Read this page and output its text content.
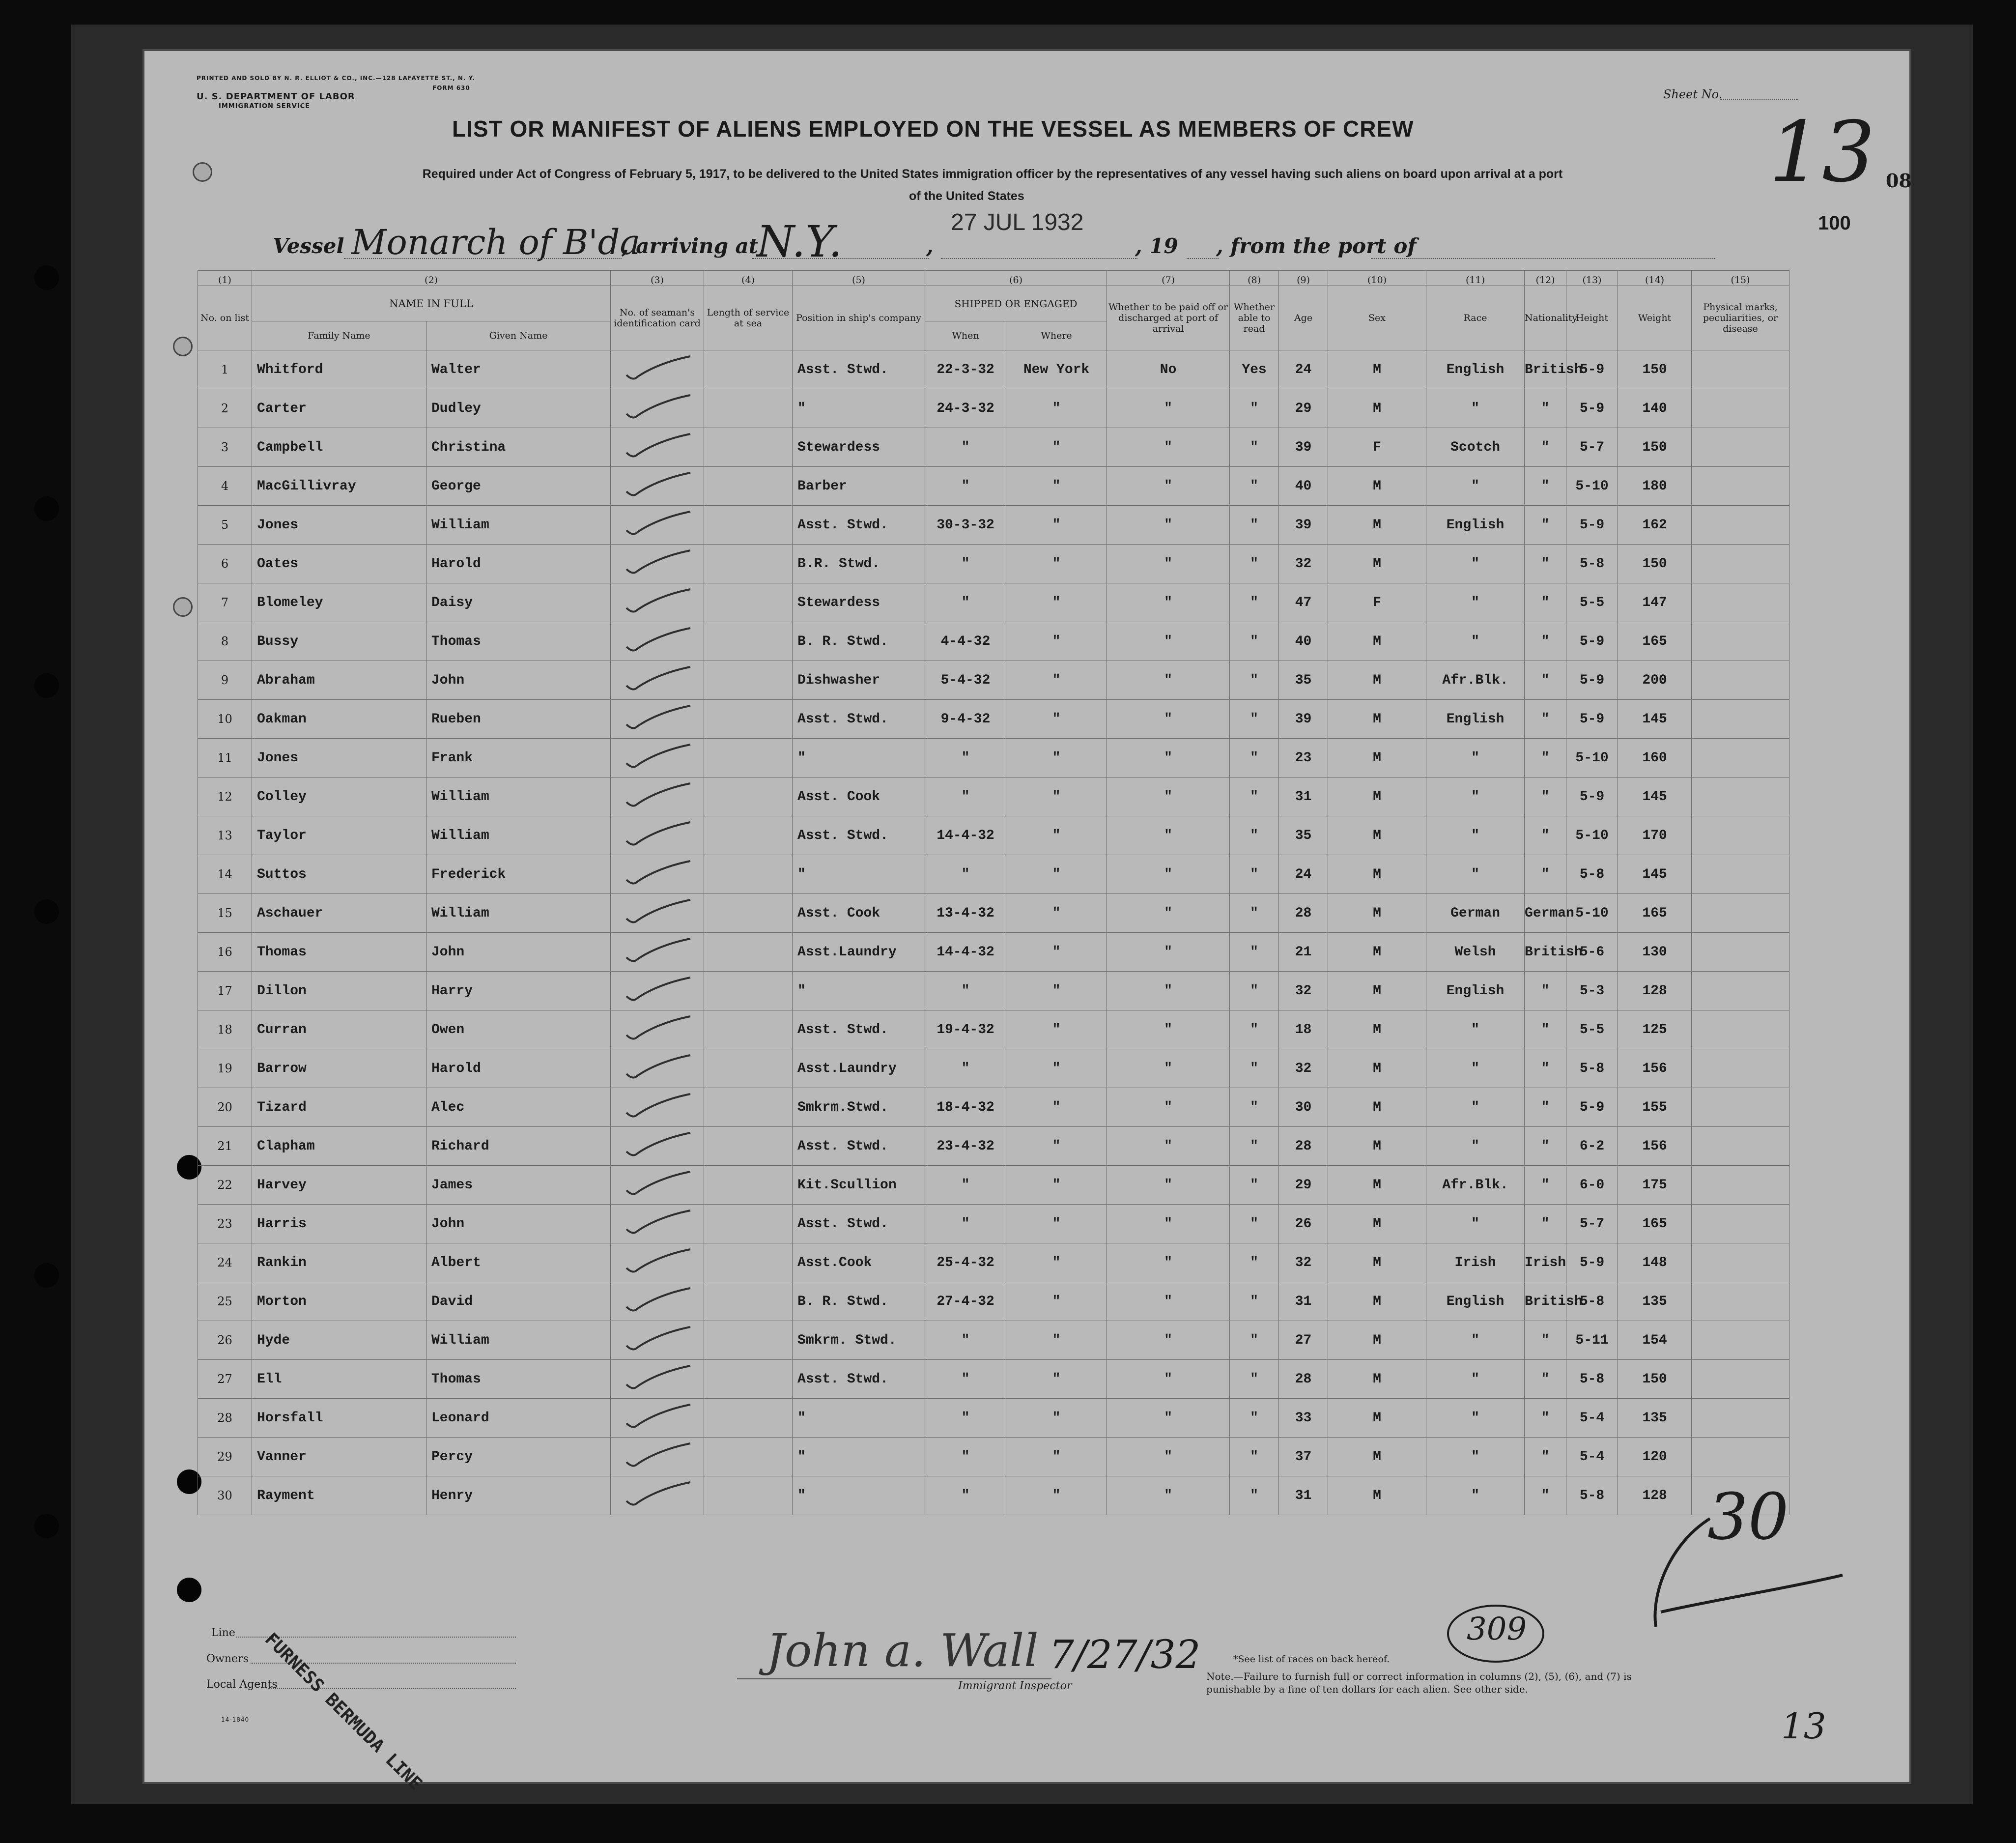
PRINTED AND SOLD BY N. R. ELLIOT & CO., INC.—128 LAFAYETTE ST., N. Y.
FORM 630
U. S. DEPARTMENT OF LABOR
IMMIGRATION SERVICE
Sheet No.
13 08
100
LIST OR MANIFEST OF ALIENS EMPLOYED ON THE VESSEL AS MEMBERS OF CREW
Required under Act of Congress of February 5, 1917, to be delivered to the United States immigration officer by the representatives of any vessel having such aliens on board upon arrival at a port
of the United States
Vessel Monarch of B'da
, arriving at,
N.Y.	,
27 JUL 1932
, 19 , from the port of
(1)	(2)		(3)	(4)	(5)	(6)		(7)	(8)	(9)	(10)	(11)	(12)	(13)	(14)	(15)
No. on list	NAME IN FULL		No. of seaman's identification card	Length of service at sea	Position in ship's company	SHIPPED OR ENGAGED		Whether to be paid off or discharged at port of arrival	Whether able to read	Age	Sex	Race	Nationality	Height	Weight	Physical marks, peculiarities, or disease
	Family Name	Given Name				When	Where									
1	Whitford	Walter			Asst. Stwd.	22-3-32	New York	No	Yes	24	M	English	British	5-9	150	
2	Carter	Dudley			"	24-3-32	"	"	"	29	M	"	"	5-9	140	
3	Campbell	Christina			Stewardess	"	"	"	"	39	F	Scotch	"	5-7	150	
4	MacGillivray	George			Barber	"	"	"	"	40	M	"	"	5-10	180	
5	Jones	William			Asst. Stwd.	30-3-32	"	"	"	39	M	English	"	5-9	162	
6	Oates	Harold			B.R. Stwd.	"	"	"	"	32	M	"	"	5-8	150	
7	Blomeley	Daisy			Stewardess	"	"	"	"	47	F	"	"	5-5	147	
8	Bussy	Thomas			B. R. Stwd.	4-4-32	"	"	"	40	M	"	"	5-9	165	
9	Abraham	John			Dishwasher	5-4-32	"	"	"	35	M	Afr.Blk.	"	5-9	200	
10	Oakman	Rueben			Asst. Stwd.	9-4-32	"	"	"	39	M	English	"	5-9	145	
11	Jones	Frank			"	"	"	"	"	23	M	"	"	5-10	160	
12	Colley	William			Asst. Cook	"	"	"	"	31	M	"	"	5-9	145	
13	Taylor	William			Asst. Stwd.	14-4-32	"	"	"	35	M	"	"	5-10	170	
14	Suttos	Frederick			"	"	"	"	"	24	M	"	"	5-8	145	
15	Aschauer	William			Asst. Cook	13-4-32	"	"	"	28	M	German	German	5-10	165	
16	Thomas	John			Asst.Laundry	14-4-32	"	"	"	21	M	Welsh	British	5-6	130	
17	Dillon	Harry			"	"	"	"	"	32	M	English	"	5-3	128	
18	Curran	Owen			Asst. Stwd.	19-4-32	"	"	"	18	M	"	"	5-5	125	
19	Barrow	Harold			Asst.Laundry	"	"	"	"	32	M	"	"	5-8	156	
20	Tizard	Alec			Smkrm.Stwd.	18-4-32	"	"	"	30	M	"	"	5-9	155	
21	Clapham	Richard			Asst. Stwd.	23-4-32	"	"	"	28	M	"	"	6-2	156	
22	Harvey	James			Kit.Scullion	"	"	"	"	29	M	Afr.Blk.	"	6-0	175	
23	Harris	John			Asst. Stwd.	"	"	"	"	26	M	"	"	5-7	165	
24	Rankin	Albert			Asst.Cook	25-4-32	"	"	"	32	M	Irish	Irish	5-9	148	
25	Morton	David			B. R. Stwd.	27-4-32	"	"	"	31	M	English	British	5-8	135	
26	Hyde	William			Smkrm. Stwd.	"	"	"	"	27	M	"	"	5-11	154	
27	Ell	Thomas			Asst. Stwd.	"	"	"	"	28	M	"	"	5-8	150	
28	Horsfall	Leonard			"	"	"	"	"	33	M	"	"	5-4	135	
29	Vanner	Percy			"	"	"	"	"	37	M	"	"	5-4	120	
30	Rayment	Henry			"	"	"	"	"	31	M	"	"	5-8	128	30
309
13
Line
Owners
Local Agents
14-1840 FURNESS BERMUDA LINE	John a. Wall 7/27/32
Immigrant Inspector
*See list of races on back hereof.
Note.—Failure to furnish full or correct information in columns (2), (5), (6), and (7) is punishable by a fine of ten dollars for each alien. See other side.
